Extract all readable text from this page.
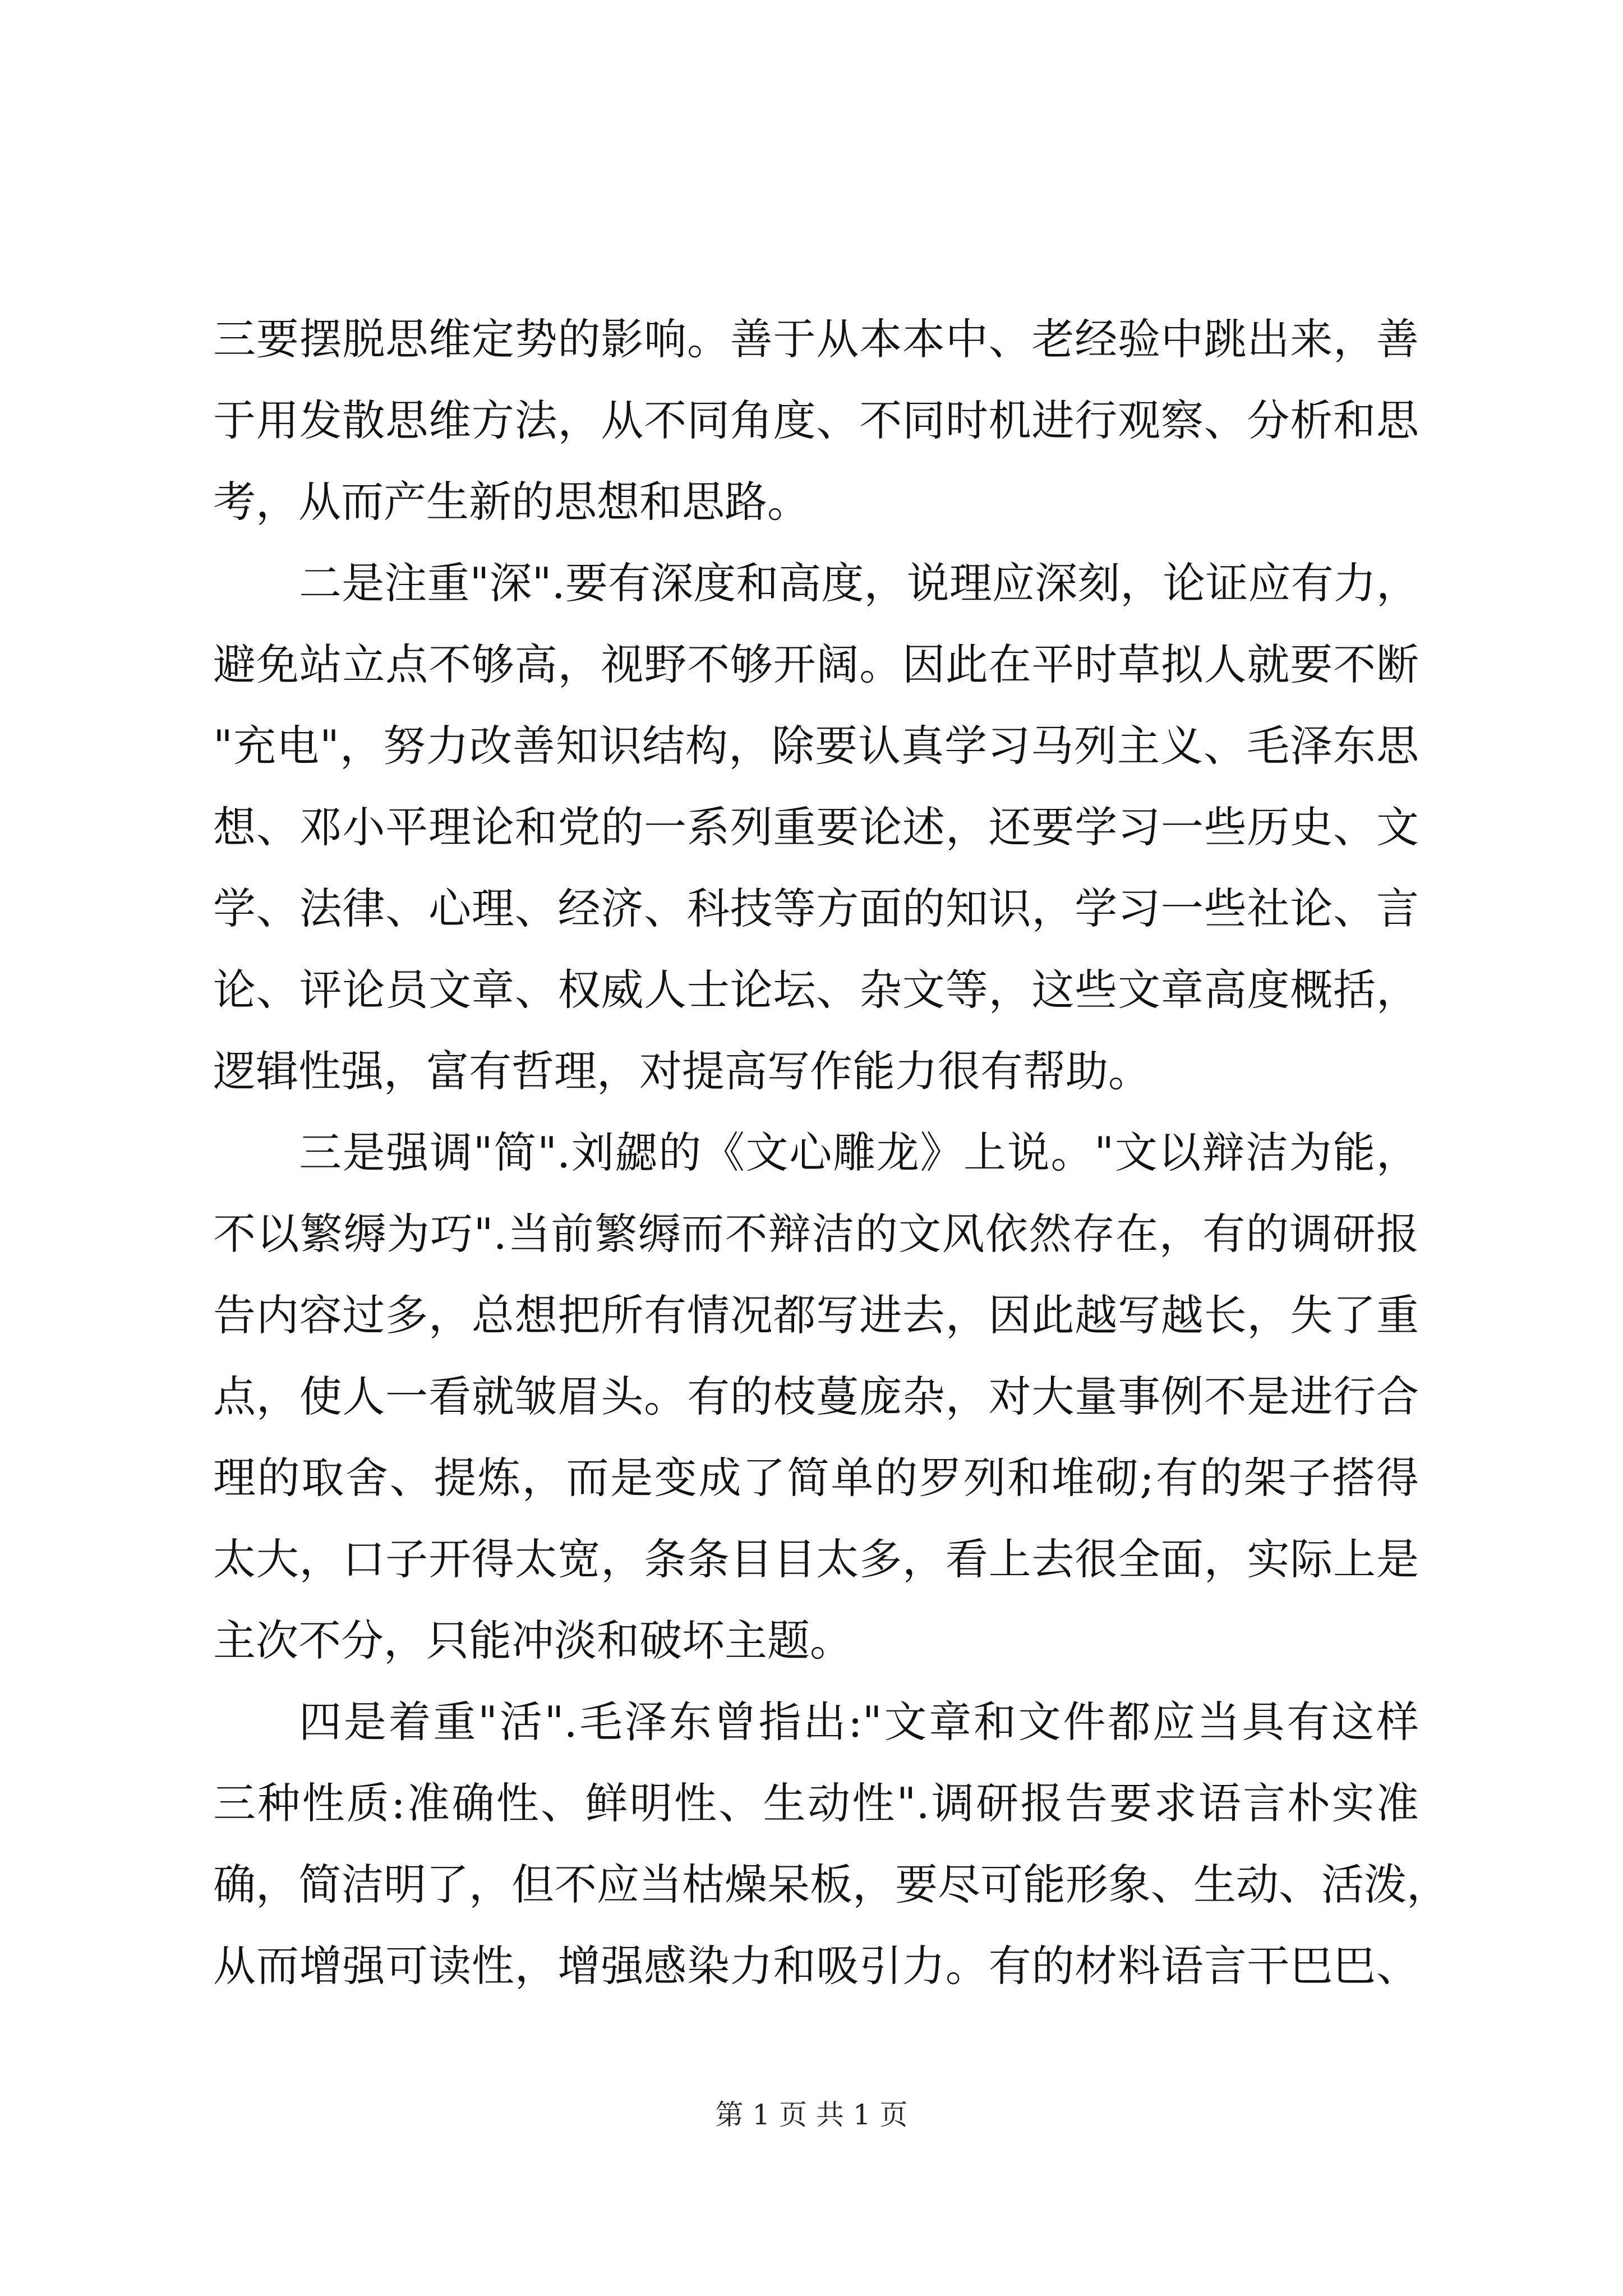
三要摆脱思维定势的影响。善于从本本中、老经验中跳出来，善
于用发散思维方法，从不同角度、不同时机进行观察、分析和思
考，从而产生新的思想和思路。
二是注重"深".要有深度和高度，说理应深刻，论证应有力，
避免站立点不够高，视野不够开阔。因此在平时草拟人就要不断
"充电"，努力改善知识结构，除要认真学习马列主义、毛泽东思
想、邓小平理论和党的一系列重要论述，还要学习一些历史、文
学、法律、心理、经济、科技等方面的知识，学习一些社论、言
论、评论员文章、权威人士论坛、杂文等，这些文章高度概括，
逻辑性强，富有哲理，对提高写作能力很有帮助。
三是强调"简".刘勰的《文心雕龙》上说。"文以辩洁为能，
不以繁缛为巧".当前繁缛而不辩洁的文风依然存在，有的调研报
告内容过多，总想把所有情况都写进去，因此越写越长，失了重
点，使人一看就皱眉头。有的枝蔓庞杂，对大量事例不是进行合
理的取舍、提炼，而是变成了简单的罗列和堆砌;有的架子搭得
太大，口子开得太宽，条条目目太多，看上去很全面，实际上是
主次不分，只能冲淡和破坏主题。
四是着重"活".毛泽东曾指出:"文章和文件都应当具有这样
三种性质:准确性、鲜明性、生动性".调研报告要求语言朴实准
确，简洁明了，但不应当枯燥呆板，要尽可能形象、生动、活泼，
从而增强可读性，增强感染力和吸引力。有的材料语言干巴巴、
第 1 页 共 1 页
